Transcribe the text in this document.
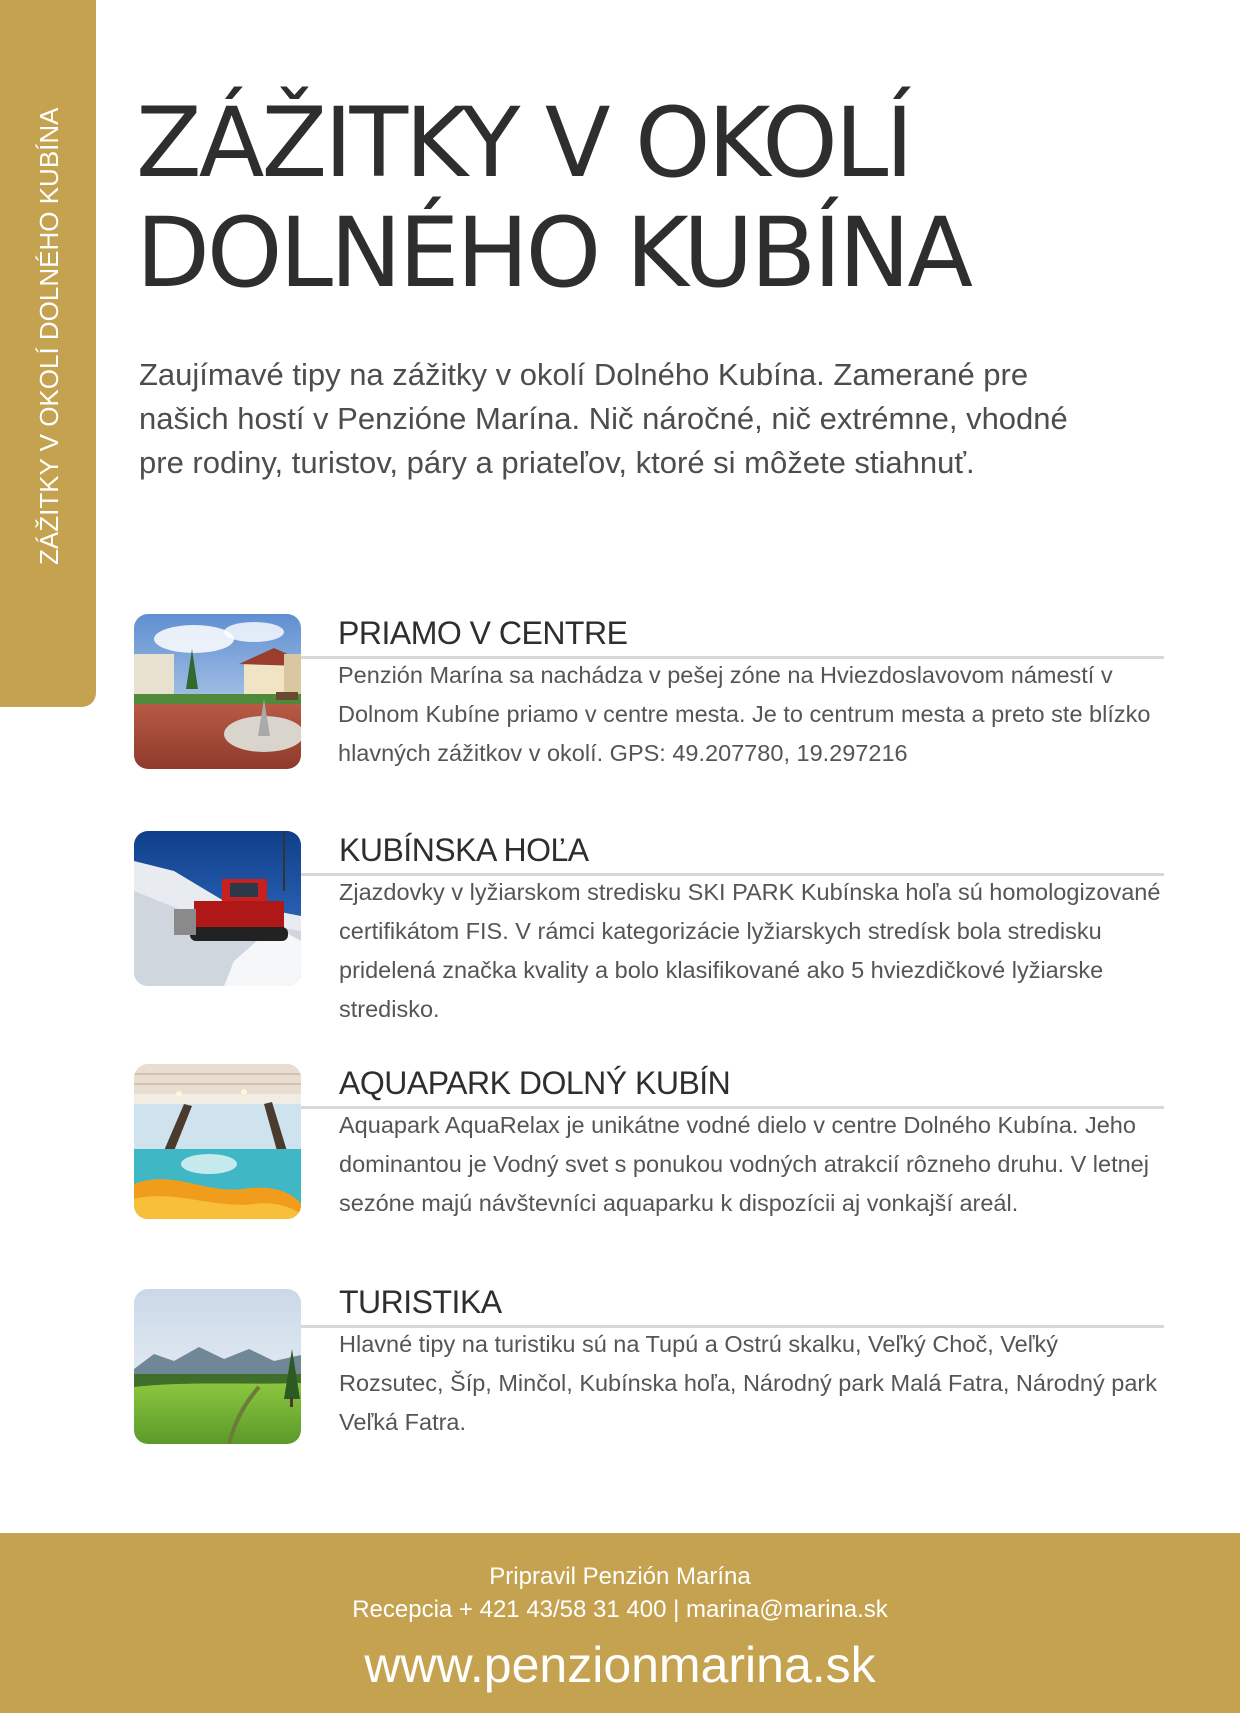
ZÁŽITKY V OKOLÍ DOLNÉHO KUBÍNA ZÁŽITKY V OKOLÍ
DOLNÉHO KUBÍNA

Zaujímavé tipy na zážitky v okolí Dolného Kubína. Zamerané pre našich hostí v Penzióne Marína. Nič náročné, nič extrémne, vhodné pre rodiny, turistov, páry a priateľov, ktoré si môžete stiahnuť.

PRIAMO V CENTRE

Penzión Marína sa nachádza v pešej zóne na Hviezdoslavovom námestí v Dolnom Kubíne priamo v centre mesta. Je to centrum mesta a preto ste blízko hlavných zážitkov v okolí. GPS: 49.207780, 19.297216

KUBÍNSKA HOĽA

Zjazdovky v lyžiarskom stredisku SKI PARK Kubínska hoľa sú homologizované certifikátom FIS. V rámci kategorizácie lyžiarskych stredísk bola stredisku pridelená značka kvality a bolo klasifikované ako 5 hviezdičkové lyžiarske stredisko.

AQUAPARK DOLNÝ KUBÍN

Aquapark AquaRelax je unikátne vodné dielo v centre Dolného Kubína. Jeho dominantou je Vodný svet s ponukou vodných atrakcií rôzneho druhu. V letnej sezóne majú návštevníci aquaparku k dispozícii aj vonkajší areál.

TURISTIKA

Hlavné tipy na turistiku sú na Tupú a Ostrú skalku, Veľký Choč, Veľký Rozsutec, Šíp, Minčol, Kubínska hoľa, Národný park Malá Fatra, Národný park Veľká Fatra.

Pripravil Penzión Marína
Recepcia + 421 43/58 31 400 | marina@marina.sk
www.penzionmarina.sk
